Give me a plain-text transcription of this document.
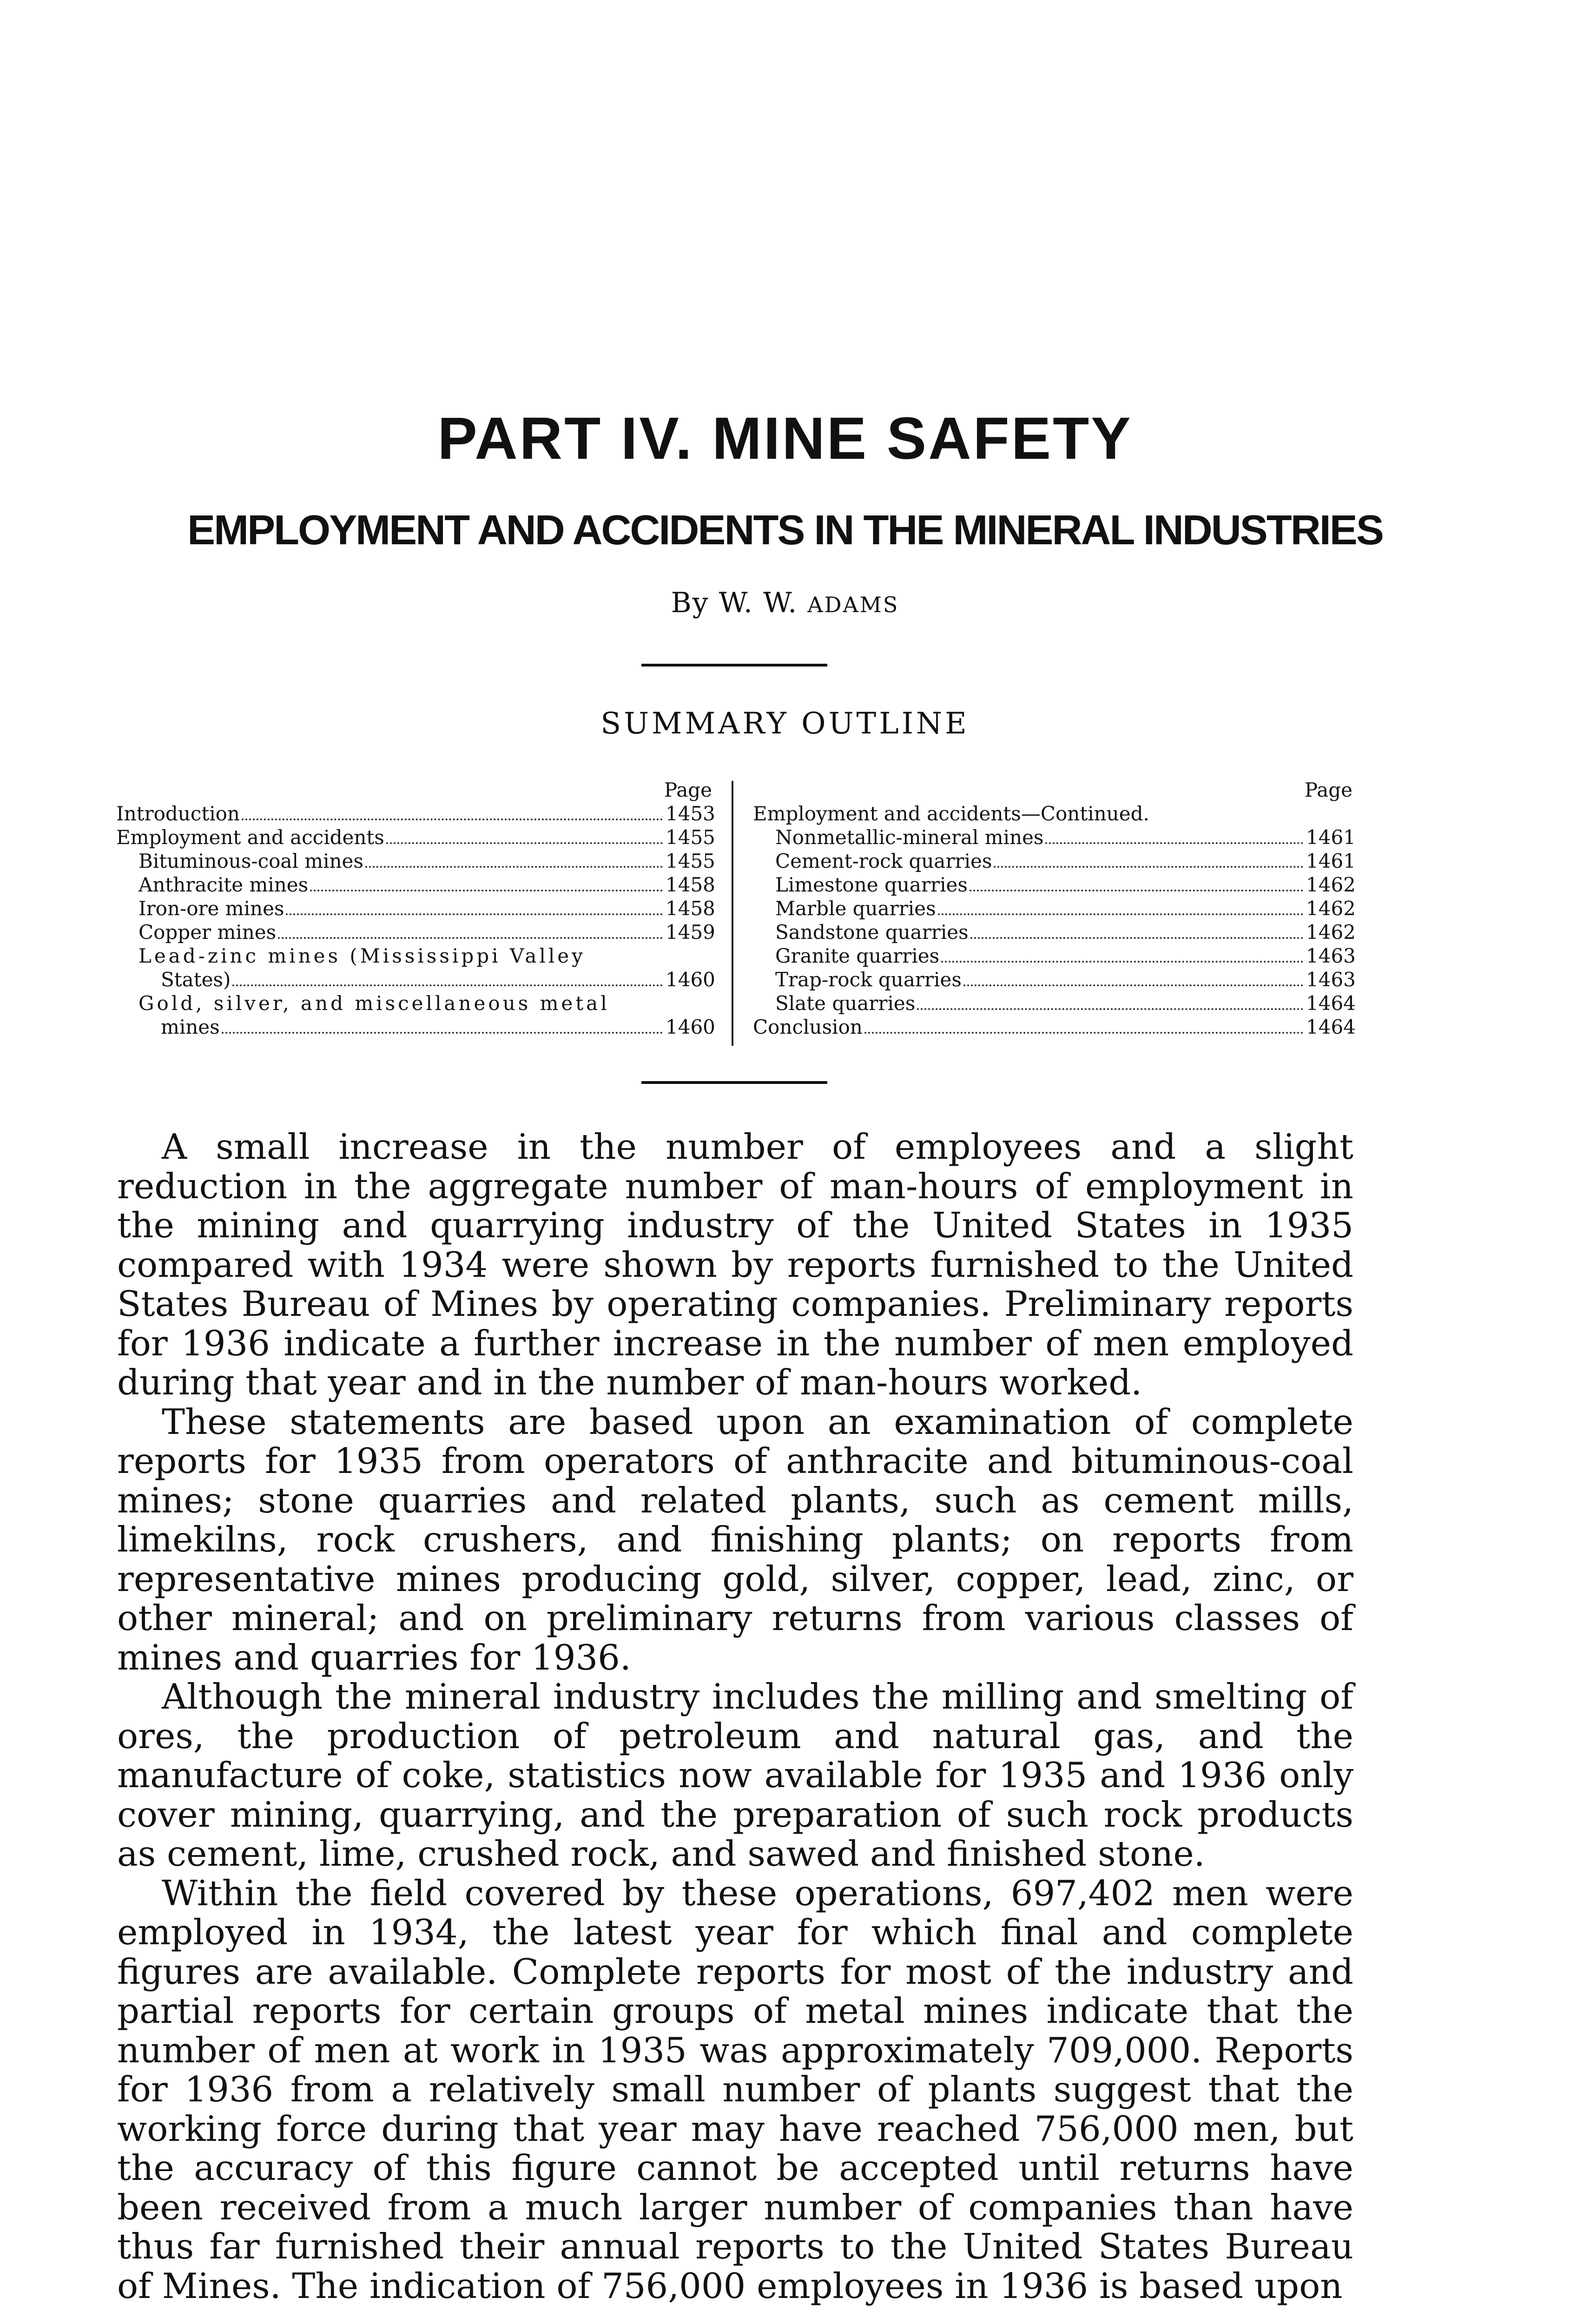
PART IV. MINE SAFETY
EMPLOYMENT AND ACCIDENTS IN THE MINERAL INDUSTRIES
By W. W. ADAMS
SUMMARY OUTLINE
Page
Introduction	1453
Employment and accidents	1455
Bituminous-coal mines	1455
Anthracite mines	1458
Iron-ore mines	1458
Copper mines	1459
Lead-zinc mines (Mississippi Valley
States)	1460
Gold, silver, and miscellaneous metal
mines	1460
Page
Employment and accidents—Continued.
Nonmetallic-mineral mines	1461
Cement-rock quarries	1461
Limestone quarries	1462
Marble quarries	1462
Sandstone quarries	1462
Granite quarries	1463
Trap-rock quarries	1463
Slate quarries	1464
Conclusion	1464

A small increase in the number of employees and a slight reduction in the aggregate number of man-hours of employment in the mining and quarrying industry of the United States in 1935 compared with 1934 were shown by reports furnished to the United States Bureau of Mines by operating companies. Preliminary reports for 1936 indicate a further increase in the number of men employed during that year and in the number of man-hours worked.

These statements are based upon an examination of complete reports for 1935 from operators of anthracite and bituminous-coal mines; stone quarries and related plants, such as cement mills, limekilns, rock crushers, and finishing plants; on reports from representative mines producing gold, silver, copper, lead, zinc, or other mineral; and on preliminary returns from various classes of mines and quarries for 1936.

Although the mineral industry includes the milling and smelting of ores, the production of petroleum and natural gas, and the manufacture of coke, statistics now available for 1935 and 1936 only cover mining, quarrying, and the preparation of such rock products as cement, lime, crushed rock, and sawed and finished stone.

Within the field covered by these operations, 697,402 men were employed in 1934, the latest year for which final and complete figures are available. Complete reports for most of the industry and partial reports for certain groups of metal mines indicate that the number of men at work in 1935 was approximately 709,000. Reports for 1936 from a relatively small number of plants suggest that the working force during that year may have reached 756,000 men, but the accuracy of this figure cannot be accepted until returns have been received from a much larger number of companies than have thus far furnished their annual reports to the United States Bureau of Mines. The indication of 756,000 employees in 1936 is based upon
